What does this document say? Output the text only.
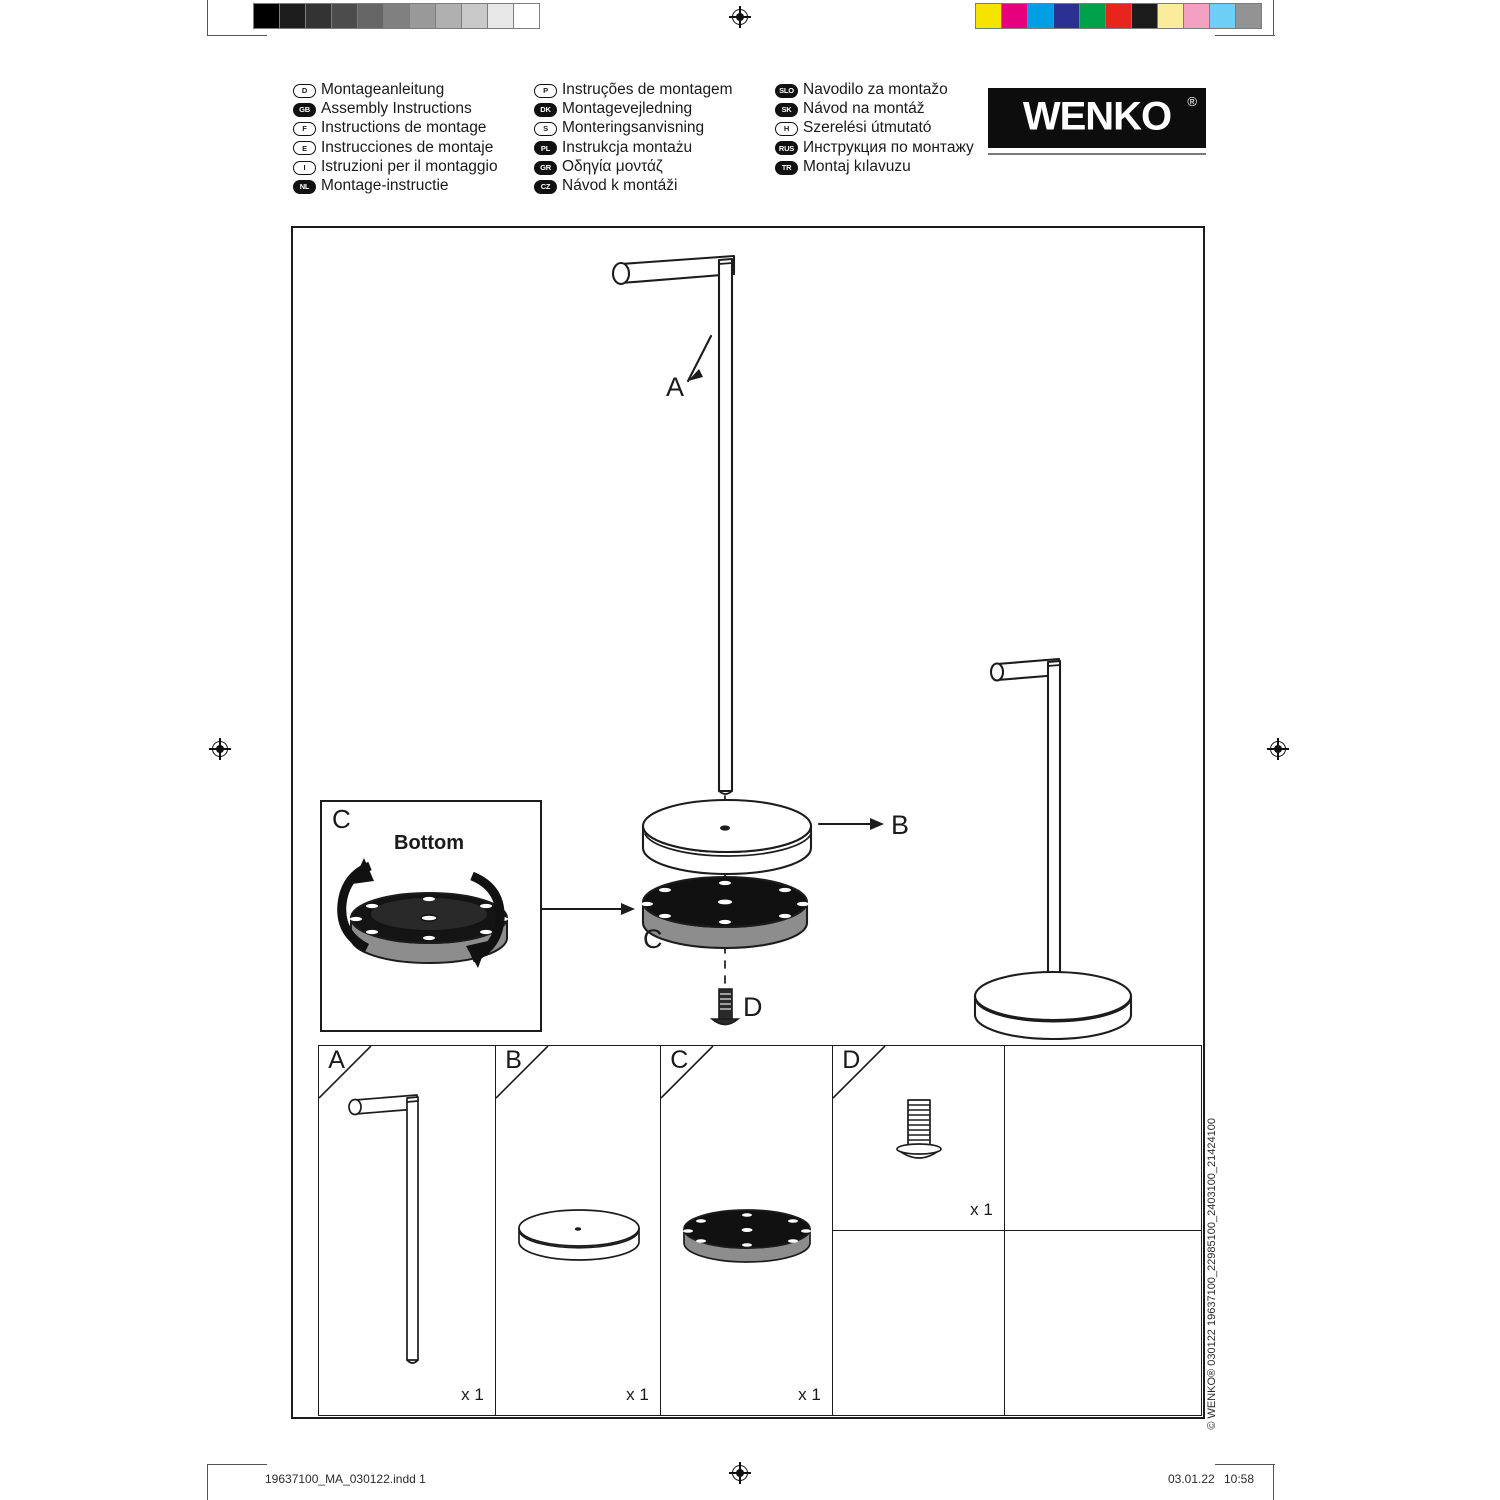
D Montageanleitung
GB Assembly Instructions
F Instructions de montage
E Instrucciones de montaje
I	Istruzioni per il montaggio
NL Montage-instructie
P Instruções de montagem
DK Montagevejledning
S Monteringsanvisning
PL Instrukcja montażu
GR Οδηγία μοντάζ
CZ Návod k montáži
SLO Navodilo za montažo
SK Návod na montáž
H Szerelési útmutató
RUS Инструкция по монтажу
TR Montaj kılavuzu
WENKO	®
A
B
C
D
C
Bottom
A
x 1
B
x 1
C
x 1
D
x 1	© WENKO® 030122 19637100_22985100_2403100_21424100
19637100_MA_030122.indd 1	03.01.22 10:58
